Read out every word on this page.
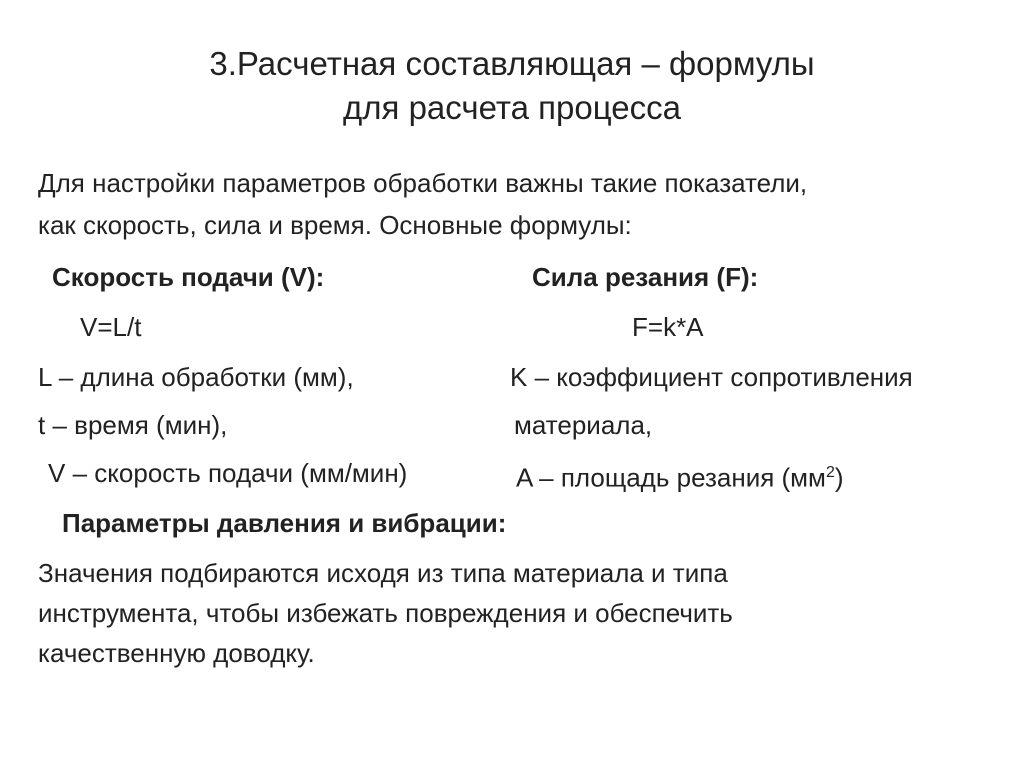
3.Расчетная составляющая – формулы
для расчета процесса
Для настройки параметров обработки важны такие показатели,
как скорость, сила и время. Основные формулы:
Скорость подачи (V):	Сила резания (F):
V=L/t	F=k*A
L – длина обработки (мм),	K – коэффициент сопротивления
t – время (мин),	материала,
V – скорость подачи (мм/мин)	A – площадь резания $(мм^2)$
Параметры давления и вибрации:
Значения подбираются исходя из типа материала и типа
инструмента, чтобы избежать повреждения и обеспечить
качественную доводку.
